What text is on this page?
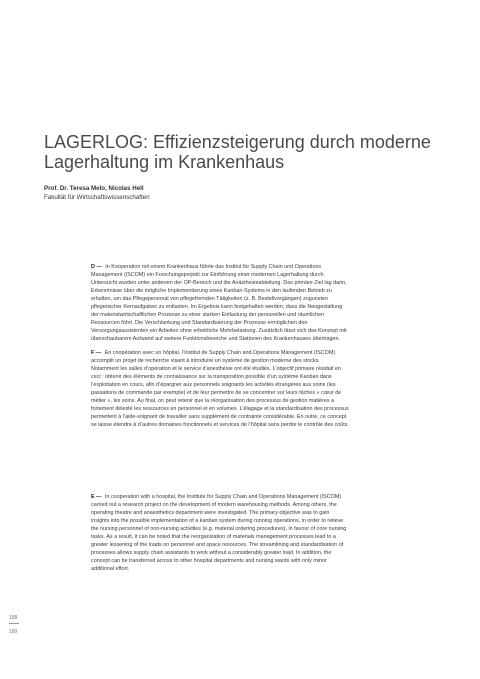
LAGERLOG: Effizienzsteigerung durch moderne Lagerhaltung im Krankenhaus
Prof. Dr. Teresa Melo, Nicolas Hell
Fakultät für Wirtschaftswissenschaften

D — In Kooperation mit einem Krankenhaus führte das Institut für Supply Chain und Operations Management (ISCOM) ein Forschungsprojekt zur Einführung einer modernen Lagerhaltung durch. Untersucht wurden unter anderem der OP-Bereich und die Anästhesieabteilung. Das primäre Ziel lag darin, Erkenntnisse über die mögliche Implementierung eines Kanban-Systems in den laufenden Betrieb zu erhalten, um das Pflegepersonal von pflegefremden Tätigkeiten (z. B. Bestellvorgängen) zugunsten pflegerischer Kernaufgaben zu entlasten. Im Ergebnis kann festgehalten werden, dass die Neugestaltung der materialwirtschaftlichen Prozesse zu einer starken Entlastung der personellen und räumlichen Ressourcen führt. Die Verschlankung und Standardisierung der Prozesse ermöglichen den Versorgungsassistenten ein Arbeiten ohne erhebliche Mehrbelastung. Zusätzlich lässt sich das Konzept mit überschaubarem Aufwand auf weitere Funktionsbereiche und Stationen des Krankenhauses übertragen.

F — En coopération avec un hôpital, l’Institut de Supply Chain and Operations Management (ISCOM) accomplit un projet de recherche visant à introduire un système de gestion moderne des stocks. Notamment les salles d’opération et le service d’anesthésie ont été étudiés. L’objectif primaire résidait en ceci : obtenir des éléments de connaissance sur la transposition possible d’un système Kanban dans l’exploitation en cours, afin d’épargner aux personnels soignants les activités étrangères aux soins (les passations de commande par exemple) et de leur permettre de se concentrer sur leurs tâches « cœur de métier », les soins. Au final, on peut retenir que la réorganisation des processus de gestion matières a fortement délesté les ressources en personnel et en volumes. L’élagage et la standardisation des processus permettent à l’aide-soignant de travailler sans supplément de contrainte considérable. En outre, ce concept se laisse étendre à d’autres domaines fonctionnels et services de l’hôpital sans perdre le contrôle des coûts.

E — In cooperation with a hospital, the Institute for Supply Chain and Operations Management (ISCOM) carried out a research project on the development of modern warehousing methods. Among others, the operating theatre and anaesthetics department were investigated. The primary objective was to gain insights into the possible implementation of a kanban system during running operations, in order to relieve the nursing personnel of non-nursing activities (e.g. material ordering procedures), in favour of core nursing tasks. As a result, it can be noted that the reorganization of materials management processes lead to a greater lessening of the loads on personnel and space resources. The streamlining and standardisation of processes allows supply chain assistants to work without a considerably greater load. In addition, the concept can be transferred across to other hospital departments and nursing wards with only minor additional effort.

188
189
